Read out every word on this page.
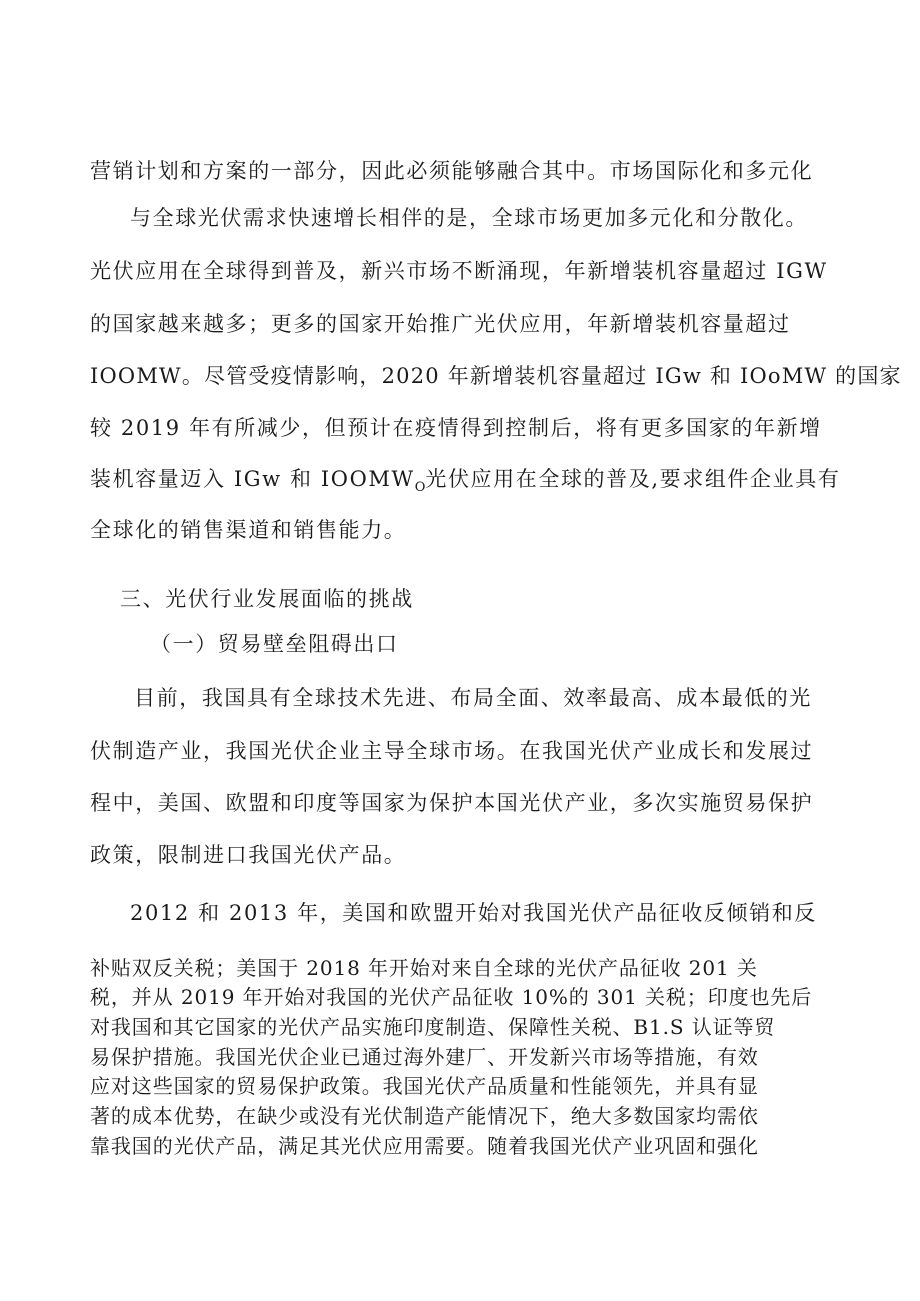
营销计划和方案的一部分，因此必须能够融合其中。市场国际化和多元化
与全球光伏需求快速增长相伴的是，全球市场更加多元化和分散化。
光伏应用在全球得到普及，新兴市场不断涌现，年新增装机容量超过 IGW
的国家越来越多；更多的国家开始推广光伏应用，年新增装机容量超过
IOOMW。尽管受疫情影响，2020 年新增装机容量超过 IGw 和 IOoMW 的国家
较 2019 年有所减少，但预计在疫情得到控制后，将有更多国家的年新增
装机容量迈入 IGw 和 $IOOMW_O$光伏应用在全球的普及,要求组件企业具有
全球化的销售渠道和销售能力。
三、光伏行业发展面临的挑战
（一）贸易壁垒阻碍出口
目前，我国具有全球技术先进、布局全面、效率最高、成本最低的光
伏制造产业，我国光伏企业主导全球市场。在我国光伏产业成长和发展过
程中，美国、欧盟和印度等国家为保护本国光伏产业，多次实施贸易保护
政策，限制进口我国光伏产品。
2012 和 2013 年，美国和欧盟开始对我国光伏产品征收反倾销和反
补贴双反关税；美国于 2018 年开始对来自全球的光伏产品征收 201 关
税，并从 2019 年开始对我国的光伏产品征收 10%的 301 关税；印度也先后
对我国和其它国家的光伏产品实施印度制造、保障性关税、B1.S 认证等贸
易保护措施。我国光伏企业已通过海外建厂、开发新兴市场等措施，有效
应对这些国家的贸易保护政策。我国光伏产品质量和性能领先，并具有显
著的成本优势，在缺少或没有光伏制造产能情况下，绝大多数国家均需依
靠我国的光伏产品，满足其光伏应用需要。随着我国光伏产业巩固和强化
